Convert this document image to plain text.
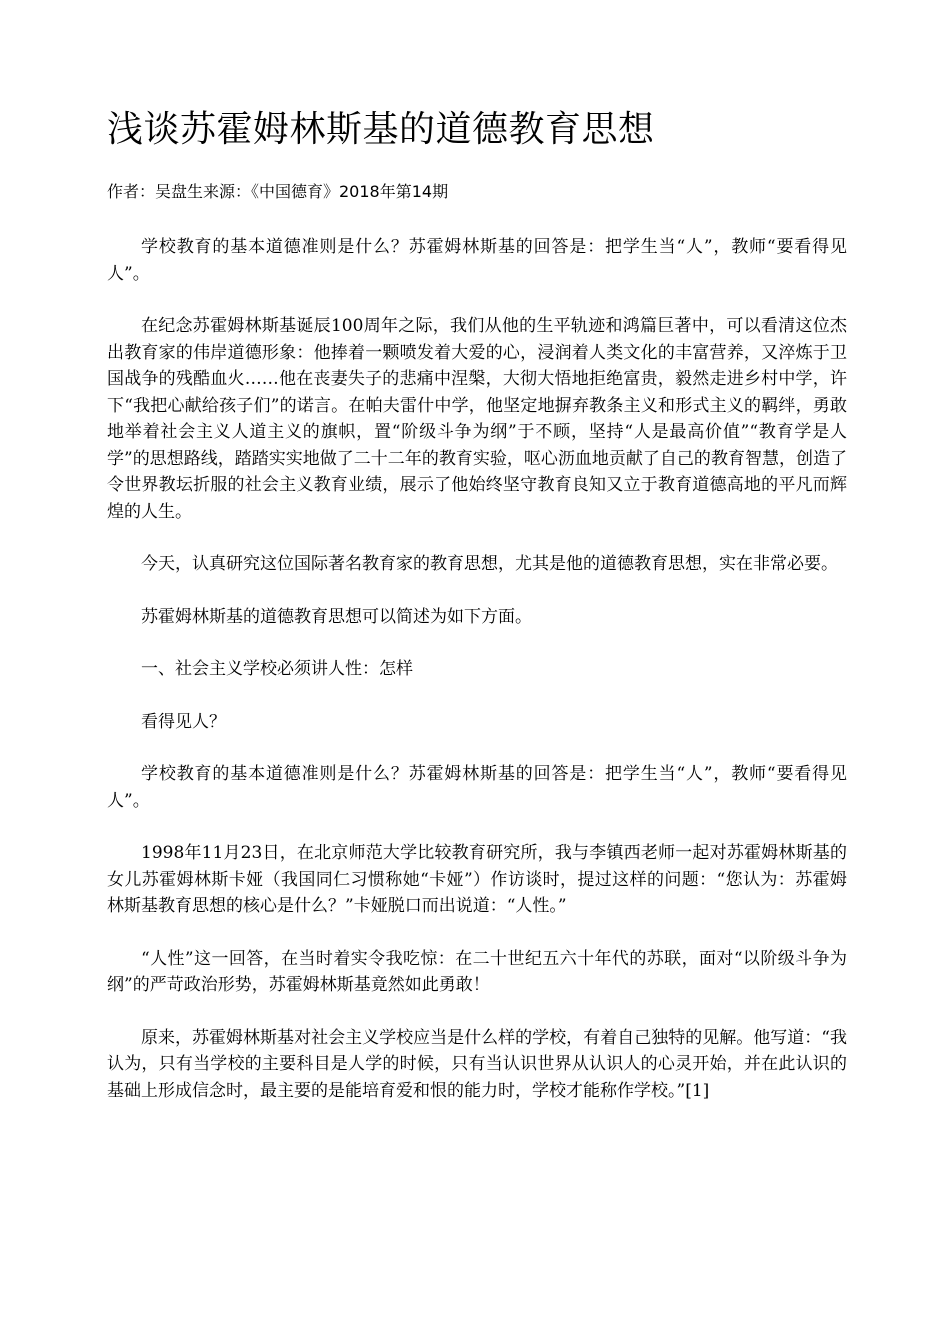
浅谈苏霍姆林斯基的道德教育思想
作者：吴盘生来源：《中国德育》2018年第14期

学校教育的基本道德准则是什么？苏霍姆林斯基的回答是：把学生当“人”，教师“要看得见人”。

在纪念苏霍姆林斯基诞辰100周年之际，我们从他的生平轨迹和鸿篇巨著中，可以看清这位杰出教育家的伟岸道德形象：他捧着一颗喷发着大爱的心，浸润着人类文化的丰富营养，又淬炼于卫国战争的残酷血火……他在丧妻失子的悲痛中涅槃，大彻大悟地拒绝富贵，毅然走进乡村中学，许下“我把心献给孩子们”的诺言。在帕夫雷什中学，他坚定地摒弃教条主义和形式主义的羁绊，勇敢地举着社会主义人道主义的旗帜，置“阶级斗争为纲”于不顾，坚持“人是最高价值”“教育学是人学”的思想路线，踏踏实实地做了二十二年的教育实验，呕心沥血地贡献了自己的教育智慧，创造了令世界教坛折服的社会主义教育业绩，展示了他始终坚守教育良知又立于教育道德高地的平凡而辉煌的人生。

今天，认真研究这位国际著名教育家的教育思想，尤其是他的道德教育思想，实在非常必要。

苏霍姆林斯基的道德教育思想可以简述为如下方面。

一、社会主义学校必须讲人性：怎样

看得见人？

学校教育的基本道德准则是什么？苏霍姆林斯基的回答是：把学生当“人”，教师“要看得见人”。

1998年11月23日，在北京师范大学比较教育研究所，我与李镇西老师一起对苏霍姆林斯基的女儿苏霍姆林斯卡娅（我国同仁习惯称她“卡娅”）作访谈时，提过这样的问题：“您认为：苏霍姆林斯基教育思想的核心是什么？”卡娅脱口而出说道：“人性。”

“人性”这一回答，在当时着实令我吃惊：在二十世纪五六十年代的苏联，面对“以阶级斗争为纲”的严苛政治形势，苏霍姆林斯基竟然如此勇敢！

原来，苏霍姆林斯基对社会主义学校应当是什么样的学校，有着自己独特的见解。他写道：“我认为，只有当学校的主要科目是人学的时候，只有当认识世界从认识人的心灵开始，并在此认识的基础上形成信念时，最主要的是能培育爱和恨的能力时，学校才能称作学校。”[1]
